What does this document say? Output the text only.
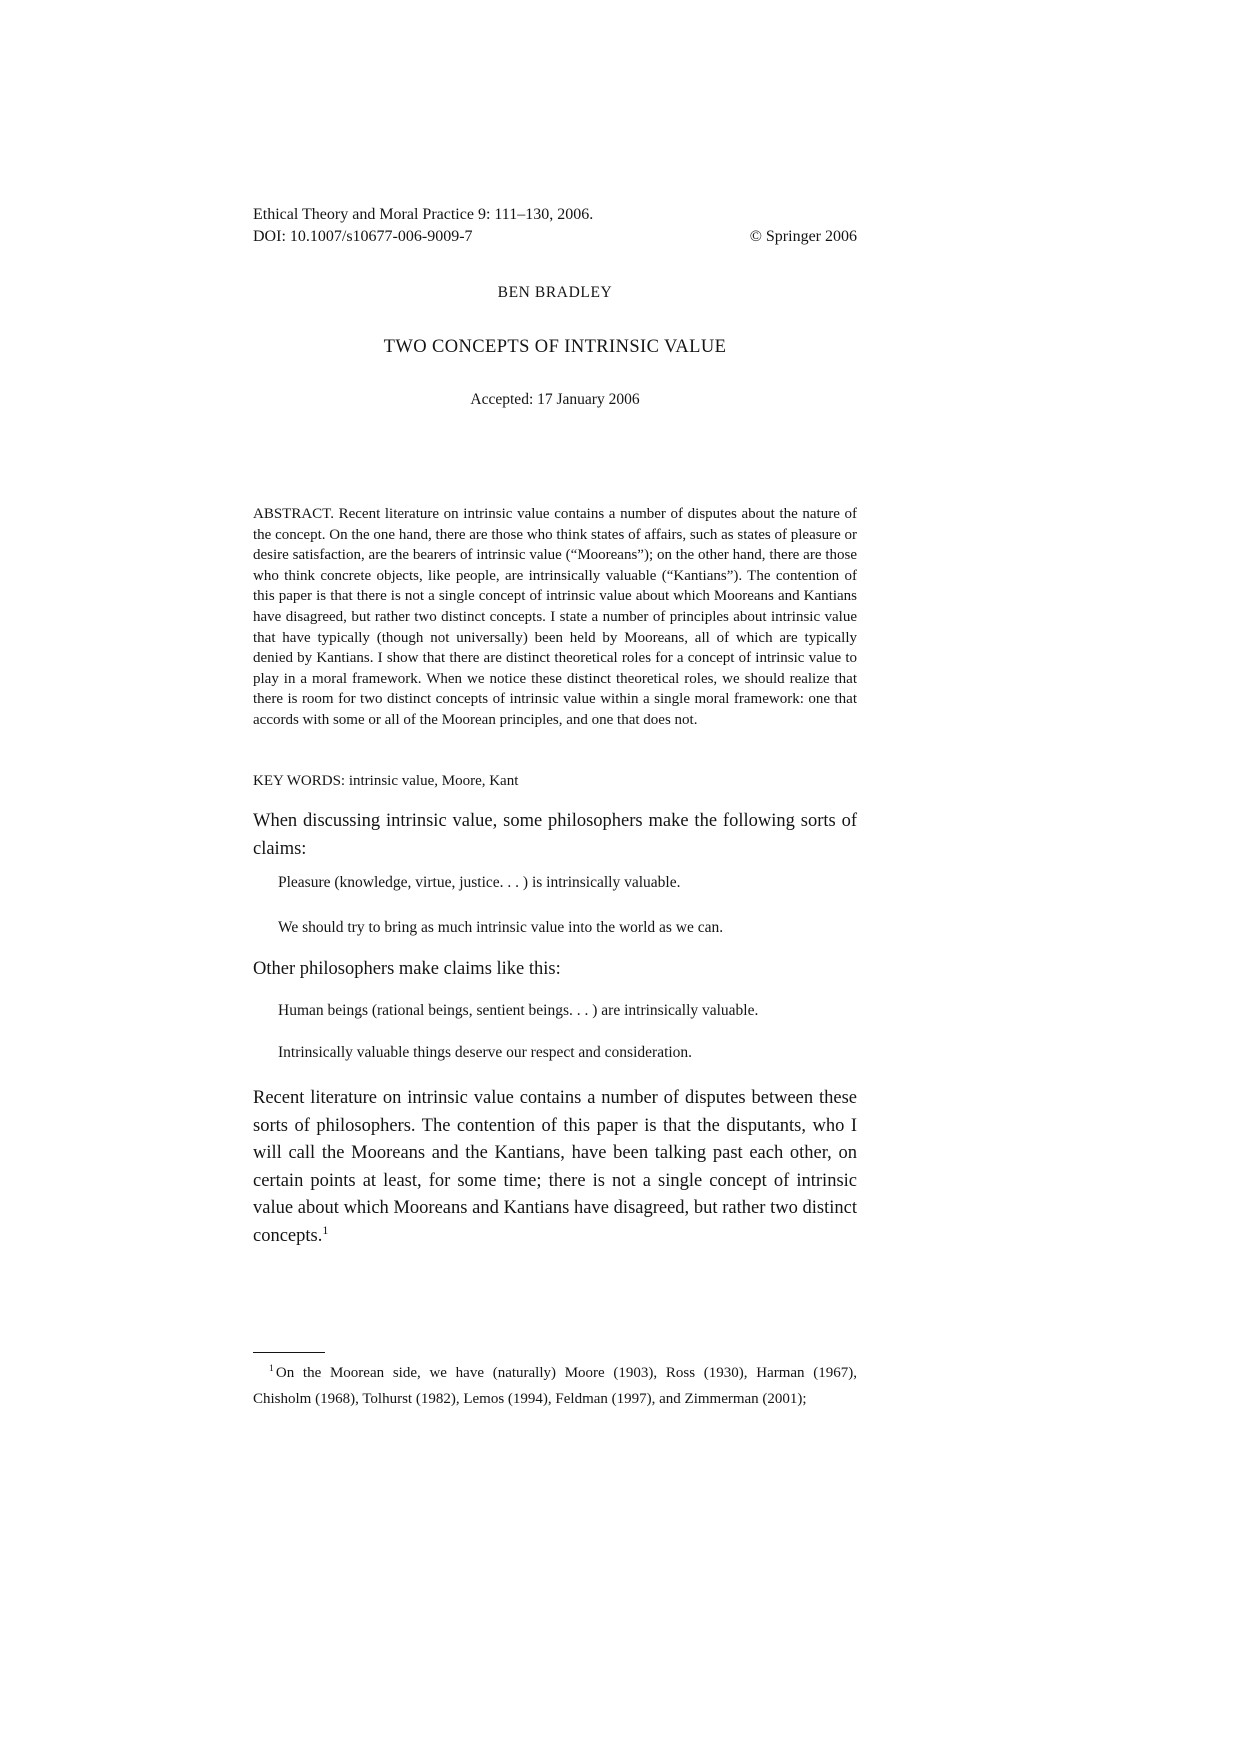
Ethical Theory and Moral Practice 9: 111–130, 2006.
DOI: 10.1007/s10677-006-9009-7	© Springer 2006
BEN BRADLEY
TWO CONCEPTS OF INTRINSIC VALUE
Accepted: 17 January 2006
ABSTRACT. Recent literature on intrinsic value contains a number of disputes about the nature of the concept. On the one hand, there are those who think states of affairs, such as states of pleasure or desire satisfaction, are the bearers of intrinsic value (“Mooreans”); on the other hand, there are those who think concrete objects, like people, are intrinsically valuable (“Kantians”). The contention of this paper is that there is not a single concept of intrinsic value about which Mooreans and Kantians have disagreed, but rather two distinct concepts. I state a number of principles about intrinsic value that have typically (though not universally) been held by Mooreans, all of which are typically denied by Kantians. I show that there are distinct theoretical roles for a concept of intrinsic value to play in a moral framework. When we notice these distinct theoretical roles, we should realize that there is room for two distinct concepts of intrinsic value within a single moral framework: one that accords with some or all of the Moorean principles, and one that does not.
KEY WORDS: intrinsic value, Moore, Kant
When discussing intrinsic value, some philosophers make the following sorts of claims:
Pleasure (knowledge, virtue, justice. . . ) is intrinsically valuable.
We should try to bring as much intrinsic value into the world as we can.
Other philosophers make claims like this:
Human beings (rational beings, sentient beings. . . ) are intrinsically valuable.
Intrinsically valuable things deserve our respect and consideration.
Recent literature on intrinsic value contains a number of disputes between these sorts of philosophers. The contention of this paper is that the disputants, who I will call the Mooreans and the Kantians, have been talking past each other, on certain points at least, for some time; there is not a single concept of intrinsic value about which Mooreans and Kantians have disagreed, but rather two distinct concepts.$^1$
$^1$ On the Moorean side, we have (naturally) Moore (1903), Ross (1930), Harman (1967), Chisholm (1968), Tolhurst (1982), Lemos (1994), Feldman (1997), and Zimmerman (2001);
